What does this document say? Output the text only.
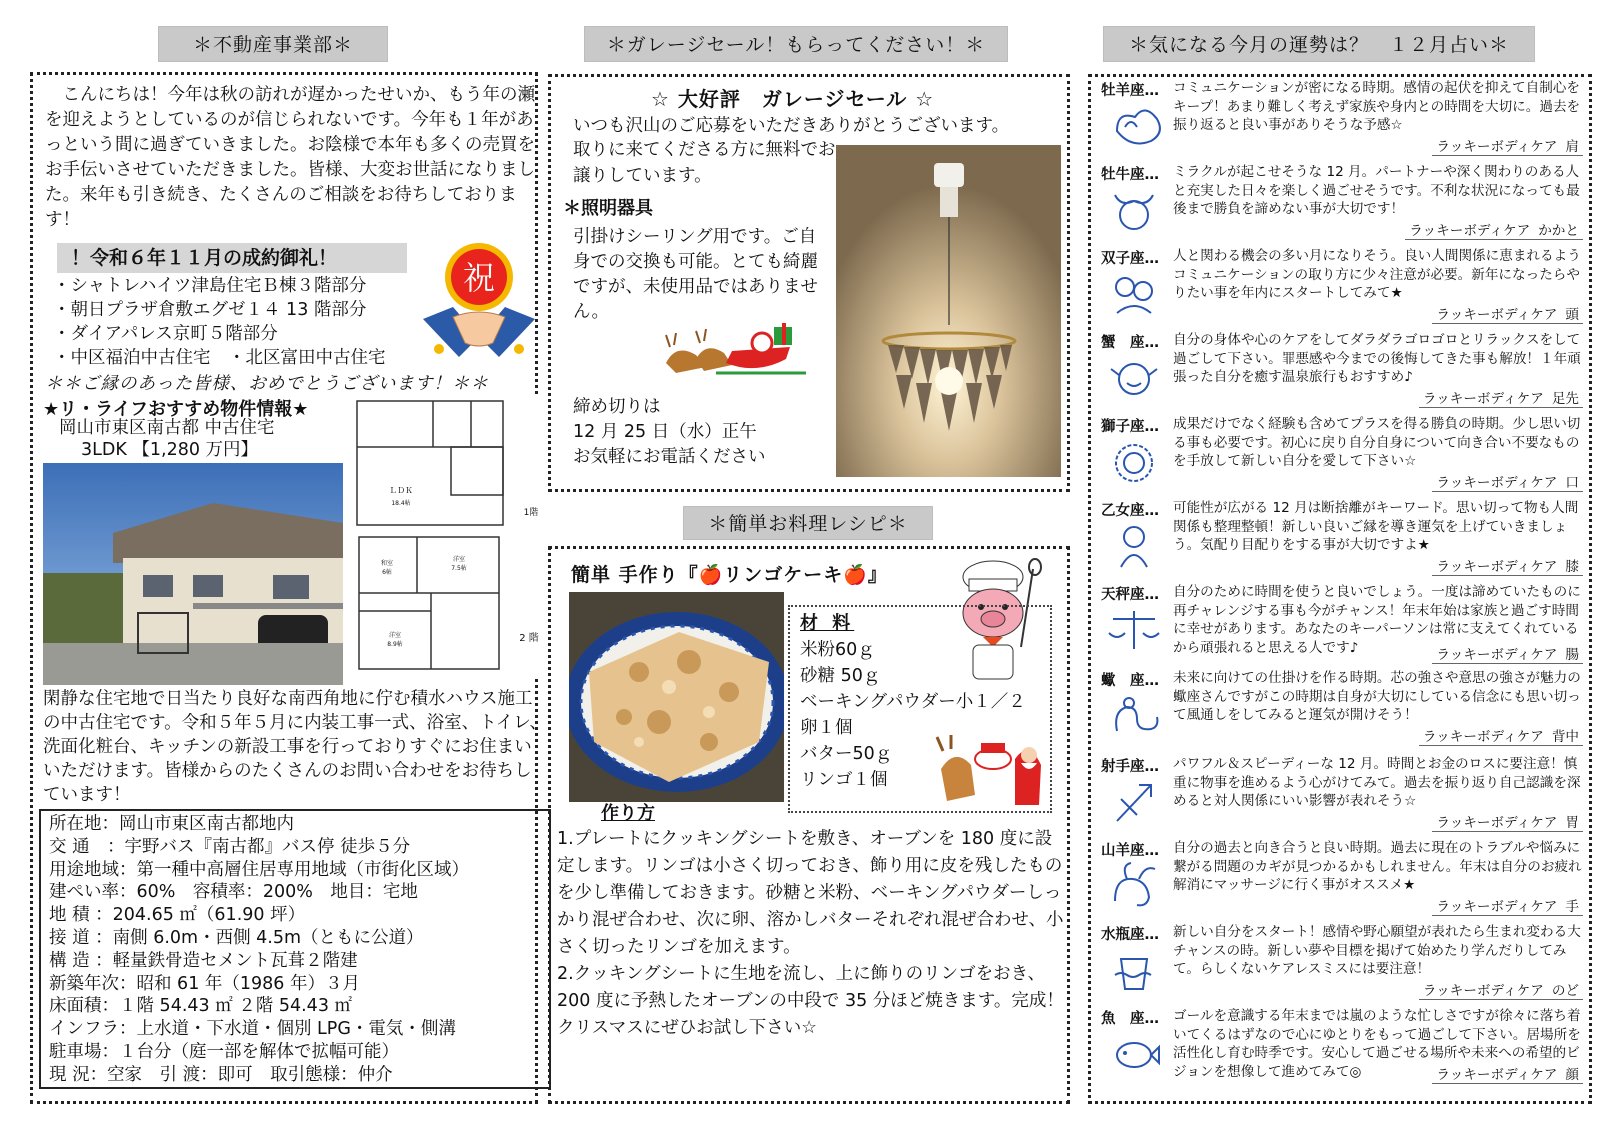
＊不動産事業部＊	＊ガレージセール！もらってください！＊	＊気になる今月の運勢は？　１２月占い＊
＊簡単お料理レシピ＊
　こんにちは！今年は秋の訪れが遅かったせいか、もう年の瀬を迎えようとしているのが信じられないです。今年も１年があっという間に過ぎていきました。お陰様で本年も多くの売買をお手伝いさせていただきました。皆様、大変お世話になりました。来年も引き続き、たくさんのご相談をお待ちしております！
！令和６年１１月の成約御礼！
・ シャトレハイツ津島住宅Ｂ棟３階部分
・ 朝日プラザ倉敷エグゼ１４ 13 階部分
・ ダイアパレス京町５階部分
・ 中区福泊中古住宅　・北区富田中古住宅
祝
＊＊ご縁のあった皆様、おめでとうございます！＊＊
★リ・ライフおすすめ物件情報★
岡山市東区南古都 中古住宅
3LDK 【1,280 万円】
ＬＤＫ
18.4帖
和室
6帖
洋室
7.5帖
洋室
8.9帖
1階
2 階
閑静な住宅地で日当たり良好な南西角地に佇む積水ハウス施工の中古住宅です。令和５年５月に内装工事一式、浴室、トイレ、洗面化粧台、キッチンの新設工事を行っておりすぐにお住まいいただけます。皆様からのたくさんのお問い合わせをお待ちしています！
所在地：岡山市東区南古都地内
交 通　：宇野バス『南古都』バス停 徒歩５分
用途地域：第一種中高層住居専用地域（市街化区域）
建ぺい率：60%　容積率：200%　地目：宅地
地 積 ：204.65 ㎡（61.90 坪）
接 道 ：南側 6.0m・西側 4.5m（ともに公道）
構 造 ：軽量鉄骨造セメント瓦葺２階建
新築年次：昭和 61 年（1986 年）３月
床面積：１階 54.43 ㎡ ２階 54.43 ㎡
インフラ：上水道・下水道・個別 LPG・電気・側溝
駐車場：１台分（庭一部を解体で拡幅可能）
現 況：空家　引 渡：即可　取引態様：仲介
☆ 大好評　ガレージセール ☆
いつも沢山のご応募をいただきありがとうございます。
取りに来てくださる方に無料でお譲りしています。
＊照明器具
引掛けシーリング用です。ご自身での交換も可能。とても綺麗ですが、未使用品ではありません。
締め切りは
12 月 25 日（水）正午
お気軽にお電話ください
簡単 手作り『🍎リンゴケーキ🍎』
材 料
米粉60ｇ
砂糖 50ｇ
ベーキングパウダー小１／２
卵１個
バター50ｇ
リンゴ１個
作り方
1.プレートにクッキングシートを敷き、オーブンを 180 度に設定します。リンゴは小さく切っておき、飾り用に皮を残したものを少し準備しておきます。砂糖と米粉、ベーキングパウダーしっかり混ぜ合わせ、次に卵、溶かしバターそれぞれ混ぜ合わせ、小さく切ったリンゴを加えます。
2.クッキングシートに生地を流し、上に飾りのリンゴをおき、200 度に予熱したオーブンの中段で 35 分ほど焼きます。完成！クリスマスにぜひお試し下さい☆
牡羊座… コミュニケーションが密になる時期。感情の起伏を抑えて自制心をキープ！あまり難しく考えず家族や身内との時間を大切に。過去を振り返ると良い事がありそうな予感☆
ラッキーボディケア 肩
牡牛座… ミラクルが起こせそうな 12 月。パートナーや深く関わりのある人と充実した日々を楽しく過ごせそうです。不利な状況になっても最後まで勝負を諦めない事が大切です！
ラッキーボディケア かかと
双子座… 人と関わる機会の多い月になりそう。良い人間関係に恵まれるようコミュニケーションの取り方に少々注意が必要。新年になったらやりたい事を年内にスタートしてみて★
ラッキーボディケア 頭
蟹　座… 自分の身体や心のケアをしてダラダラゴロゴロとリラックスをして過ごして下さい。罪悪感や今までの後悔してきた事も解放！１年頑張った自分を癒す温泉旅行もおすすめ♪
ラッキーボディケア 足先
獅子座… 成果だけでなく経験も含めてプラスを得る勝負の時期。少し思い切る事も必要です。初心に戻り自分自身について向き合い不要なものを手放して新しい自分を愛して下さい☆
ラッキーボディケア 口
乙女座… 可能性が広がる 12 月は断捨離がキーワード。思い切って物も人間関係も整理整頓！新しい良いご縁を導き運気を上げていきましょう。気配り目配りをする事が大切ですよ★
ラッキーボディケア 膝
天秤座… 自分のために時間を使うと良いでしょう。一度は諦めていたものに再チャレンジする事も今がチャンス！年末年始は家族と過ごす時間に幸せがあります。あなたのキーパーソンは常に支えてくれているから頑張れると思える人です♪	ラッキーボディケア 腸
蠍　座… 未来に向けての仕掛けを作る時期。芯の強さや意思の強さが魅力の蠍座さんですがこの時期は自身が大切にしている信念にも思い切って風通しをしてみると運気が開けそう！
ラッキーボディケア 背中
射手座… パワフル＆スピーディーな 12 月。時間とお金のロスに要注意！慎重に物事を進めるよう心がけてみて。過去を振り返り自己認識を深めると対人関係にいい影響が表れそう☆
ラッキーボディケア 胃
山羊座… 自分の過去と向き合うと良い時期。過去に現在のトラブルや悩みに繋がる問題のカギが見つかるかもしれません。年末は自分のお疲れ解消にマッサージに行く事がオススメ★
ラッキーボディケア 手
水瓶座… 新しい自分をスタート！感情や野心願望が表れたら生まれ変わる大チャンスの時。新しい夢や目標を掲げて始めたり学んだりしてみて。らしくないケアレスミスには要注意！
ラッキーボディケア のど
魚　座… ゴールを意識する年末までは嵐のような忙しさですが徐々に落ち着いてくるはずなので心にゆとりをもって過ごして下さい。居場所を活性化し育む時季です。安心して過ごせる場所や未来への希望的ビジョンを想像して進めてみて◎	ラッキーボディケア 顔
